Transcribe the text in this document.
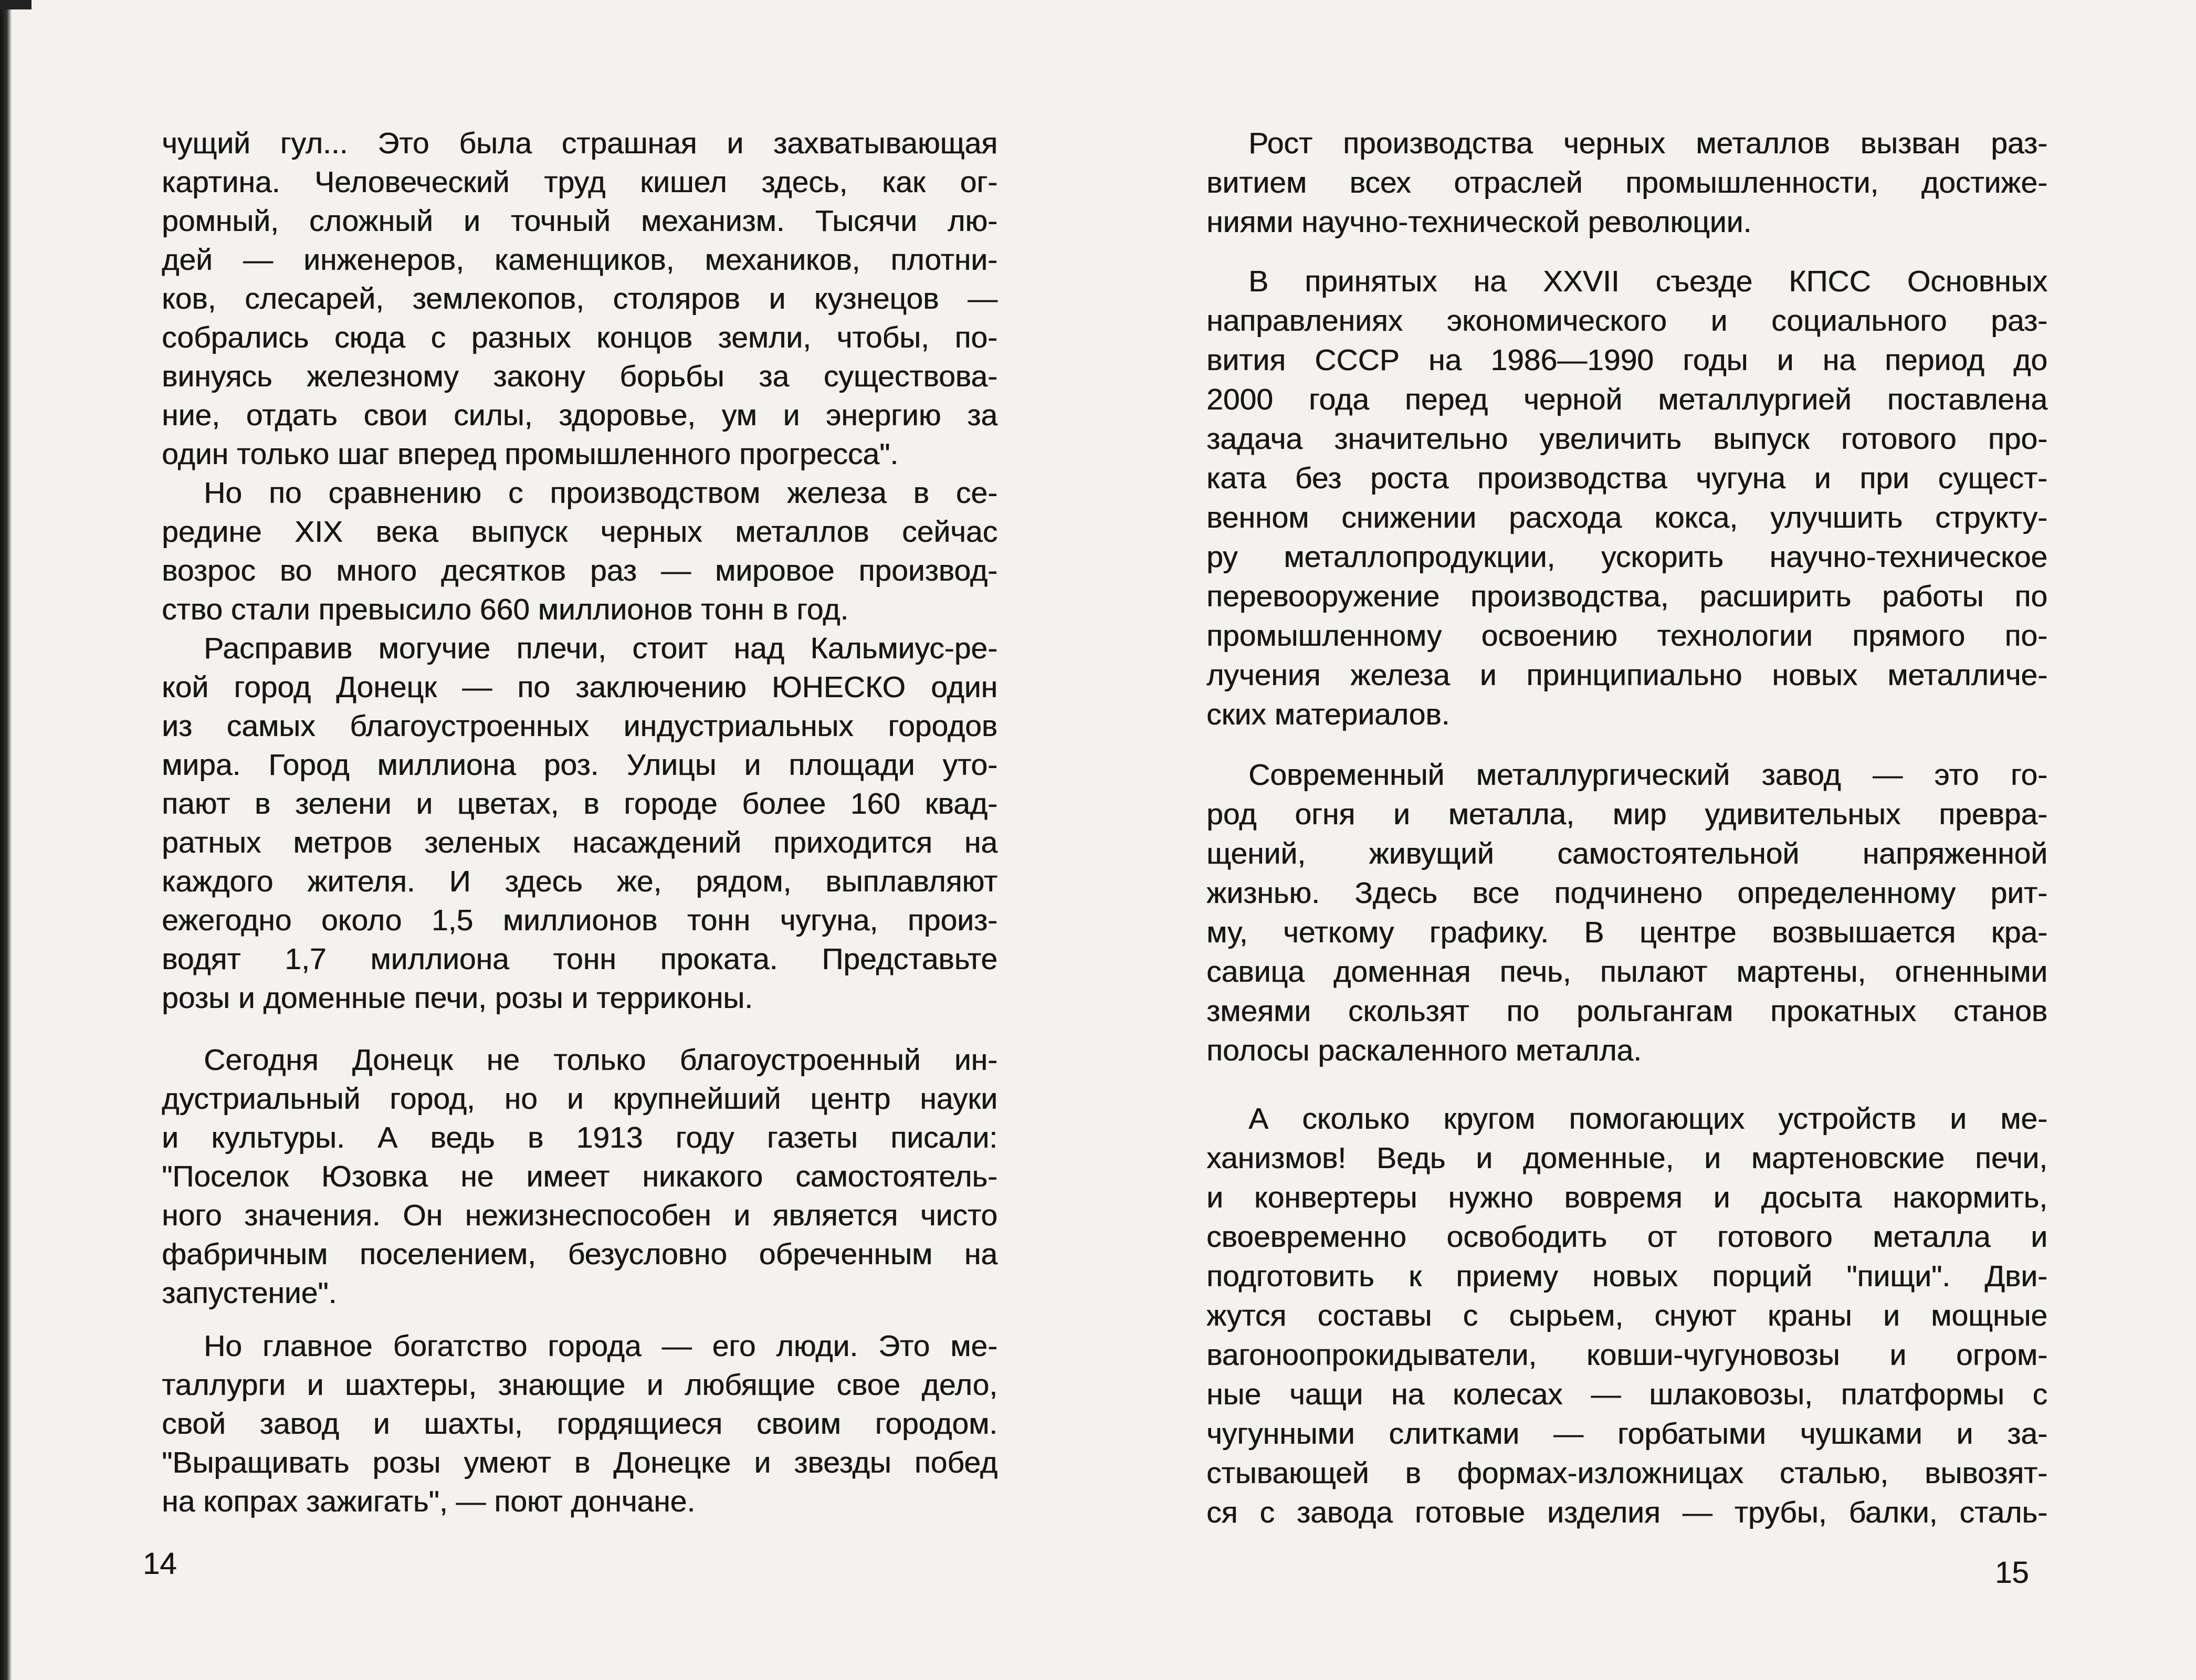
чущий гул... Это была страшная и захватывающая
картина. Человеческий труд кишел здесь, как ог-
ромный, сложный и точный механизм. Тысячи лю-
дей — инженеров, каменщиков, механиков, плотни-
ков, слесарей, землекопов, столяров и кузнецов —
собрались сюда с разных концов земли, чтобы, по-
винуясь железному закону борьбы за существова-
ние, отдать свои силы, здоровье, ум и энергию за
один только шаг вперед промышленного прогресса".
Но по сравнению с производством железа в се-
редине XIX века выпуск черных металлов сейчас
возрос во много десятков раз — мировое производ-
ство стали превысило 660 миллионов тонн в год.
Расправив могучие плечи, стоит над Кальмиус-ре-
кой город Донецк — по заключению ЮНЕСКО один
из самых благоустроенных индустриальных городов
мира. Город миллиона роз. Улицы и площади уто-
пают в зелени и цветах, в городе более 160 квад-
ратных метров зеленых насаждений приходится на
каждого жителя. И здесь же, рядом, выплавляют
ежегодно около 1,5 миллионов тонн чугуна, произ-
водят 1,7 миллиона тонн проката. Представьте
розы и доменные печи, розы и терриконы.
Сегодня Донецк не только благоустроенный ин-
дустриальный город, но и крупнейший центр науки
и культуры. А ведь в 1913 году газеты писали:
"Поселок Юзовка не имеет никакого самостоятель-
ного значения. Он нежизнеспособен и является чисто
фабричным поселением, безусловно обреченным на
запустение".
Но главное богатство города — его люди. Это ме-
таллурги и шахтеры, знающие и любящие свое дело,
свой завод и шахты, гордящиеся своим городом.
"Выращивать розы умеют в Донецке и звезды побед
на копрах зажигать", — поют дончане.
Рост производства черных металлов вызван раз-
витием всех отраслей промышленности, достиже-
ниями научно-технической революции.
В принятых на XXVII съезде КПСС Основных
направлениях экономического и социального раз-
вития СССР на 1986—1990 годы и на период до
2000 года перед черной металлургией поставлена
задача значительно увеличить выпуск готового про-
ката без роста производства чугуна и при сущест-
венном снижении расхода кокса, улучшить структу-
ру металлопродукции, ускорить научно-техническое
перевооружение производства, расширить работы по
промышленному освоению технологии прямого по-
лучения железа и принципиально новых металличе-
ских материалов.
Современный металлургический завод — это го-
род огня и металла, мир удивительных превра-
щений, живущий самостоятельной напряженной
жизнью. Здесь все подчинено определенному рит-
му, четкому графику. В центре возвышается кра-
савица доменная печь, пылают мартены, огненными
змеями скользят по рольгангам прокатных станов
полосы раскаленного металла.
А сколько кругом помогающих устройств и ме-
ханизмов! Ведь и доменные, и мартеновские печи,
и конвертеры нужно вовремя и досыта накормить,
своевременно освободить от готового металла и
подготовить к приему новых порций "пищи". Дви-
жутся составы с сырьем, снуют краны и мощные
вагоноопрокидыватели, ковши-чугуновозы и огром-
ные чащи на колесах — шлаковозы, платформы с
чугунными слитками — горбатыми чушками и за-
стывающей в формах-изложницах сталью, вывозят-
ся с завода готовые изделия — трубы, балки, сталь-
14	15
